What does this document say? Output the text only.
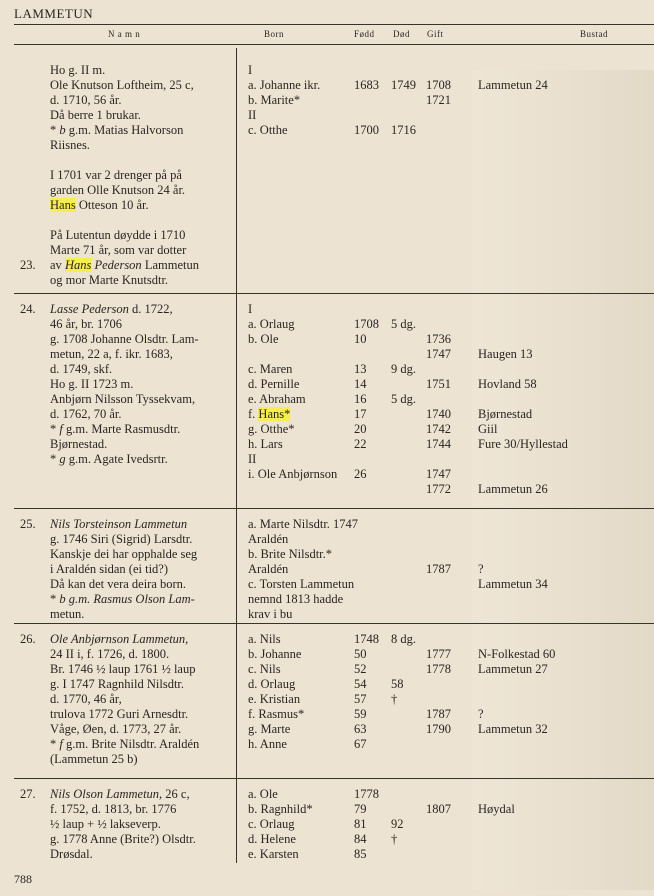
LAMMETUN
N a m n	Born	Fødd Død Gift	Bustad
Ho g. II m.
Ole Knutson Loftheim, 25 c,
d. 1710, 56 år.
Då berre 1 brukar.
* b g.m. Matias Halvorson
Riisnes.
I 1701 var 2 drenger på på
garden Olle Knutson 24 år.
Hans Otteson 10 år.
På Lutentun døydde i 1710
Marte 71 år, som var dotter
23. av Hans Pederson Lammetun
og mor Marte Knutsdtr.
I
a. Johanne ikr.	1683 1749 1708 Lammetun 24
b. Marite*	1721
II
c. Otthe	1700 1716
24. Lasse Pederson d. 1722,
46 år, br. 1706
g. 1708 Johanne Olsdtr. Lam-
metun, 22 a, f. ikr. 1683,
d. 1749, skf.
Ho g. II 1723 m.
Anbjørn Nilsson Tyssekvam,
d. 1762, 70 år.
* f g.m. Marte Rasmusdtr.
Bjørnestad.
* g g.m. Agate Ivedsrtr.
I
a. Orlaug	1708 5 dg.
b. Ole	10	1736
1747 Haugen 13
c. Maren	13 9 dg.
d. Pernille	14	1751 Hovland 58
e. Abraham	16 5 dg.
f. Hans*	17	1740 Bjørnestad
g. Otthe*	20	1742 Giil
h. Lars	22	1744 Fure 30/Hyllestad
II
i. Ole Anbjørnson 26	1747
1772 Lammetun 26
25. Nils Torsteinson Lammetun
g. 1746 Siri (Sigrid) Larsdtr.
Kanskje dei har opphalde seg
i Araldén sidan (ei tid?)
Då kan det vera deira born.
* b g.m. Rasmus Olson Lam-
metun.
a. Marte Nilsdtr. 1747
Araldén
b. Brite Nilsdtr.*
Araldén	1787 ?
c. Torsten Lammetun	Lammetun 34
nemnd 1813 hadde
krav i bu
26. Ole Anbjørnson Lammetun,
24 II i, f. 1726, d. 1800.
Br. 1746 ½ laup 1761 ½ laup
g. I 1747 Ragnhild Nilsdtr.
d. 1770, 46 år,
trulova 1772 Guri Arnesdtr.
Våge, Øen, d. 1773, 27 år.
* f g.m. Brite Nilsdtr. Araldén
(Lammetun 25 b)
a. Nils	1748 8 dg.
b. Johanne	50	1777 N-Folkestad 60
c. Nils	52	1778 Lammetun 27
d. Orlaug	54 58
e. Kristian	57 †
f. Rasmus*	59	1787 ?
g. Marte	63	1790 Lammetun 32
h. Anne	67
27. Nils Olson Lammetun, 26 c,
f. 1752, d. 1813, br. 1776
½ laup + ½ lakseverp.
g. 1778 Anne (Brite?) Olsdtr.
Drøsdal.
a. Ole	1778
b. Ragnhild*	79	1807 Høydal
c. Orlaug	81 92
d. Helene	84 †
e. Karsten	85
788
